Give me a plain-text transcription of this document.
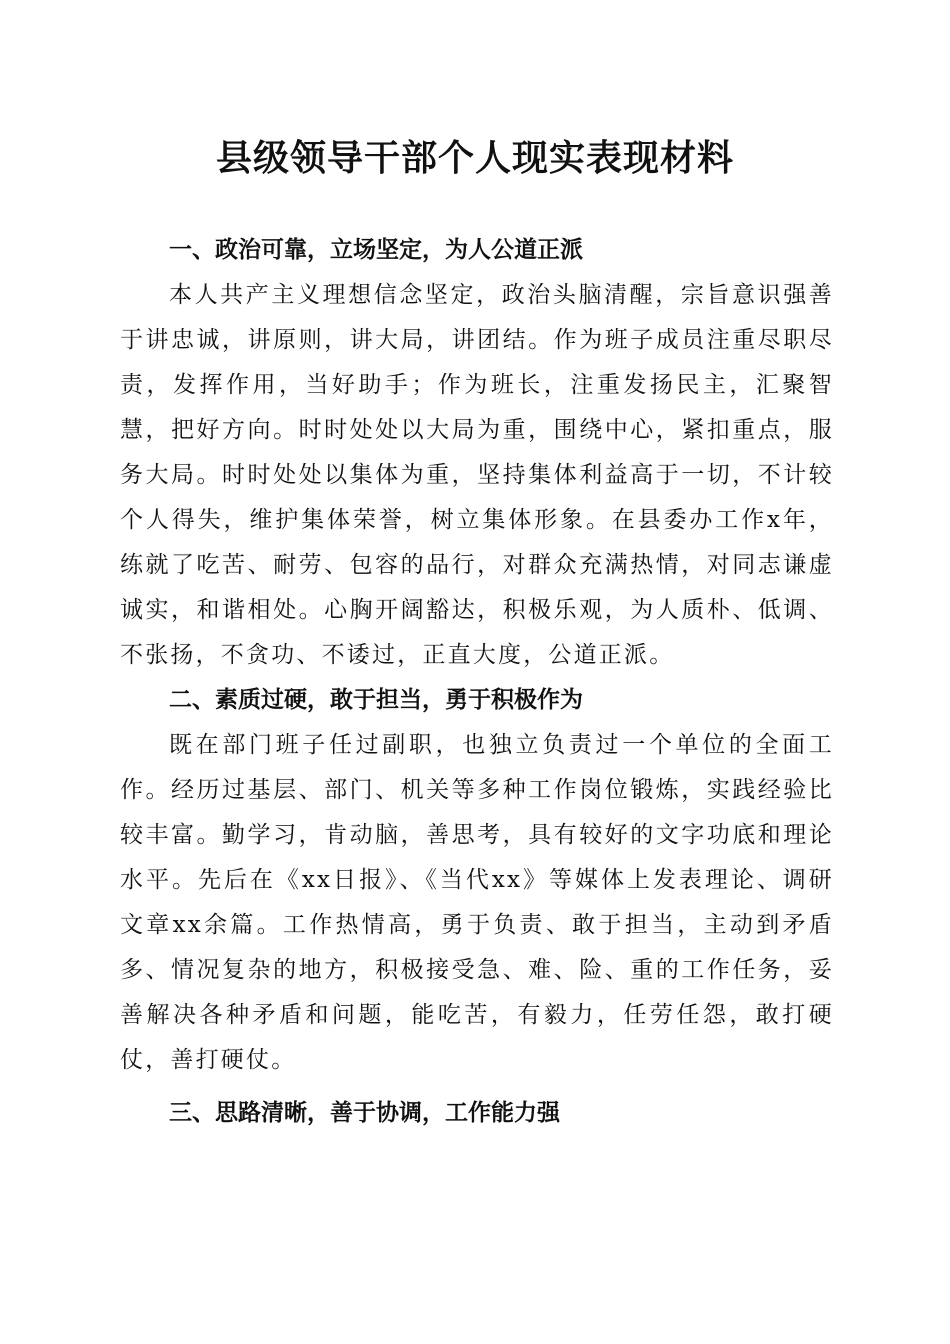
县级领导干部个人现实表现材料

一、政治可靠，立场坚定，为人公道正派

本人共产主义理想信念坚定，政治头脑清醒，宗旨意识强善于讲忠诚，讲原则，讲大局，讲团结。作为班子成员注重尽职尽责，发挥作用，当好助手；作为班长，注重发扬民主，汇聚智慧，把好方向。时时处处以大局为重，围绕中心，紧扣重点，服务大局。时时处处以集体为重，坚持集体利益高于一切，不计较个人得失，维护集体荣誉，树立集体形象。在县委办工作x年，练就了吃苦、耐劳、包容的品行，对群众充满热情，对同志谦虚诚实，和谐相处。心胸开阔豁达，积极乐观，为人质朴、低调、不张扬，不贪功、不诿过，正直大度，公道正派。

二、素质过硬，敢于担当，勇于积极作为

既在部门班子任过副职，也独立负责过一个单位的全面工作。经历过基层、部门、机关等多种工作岗位锻炼，实践经验比较丰富。勤学习，肯动脑，善思考，具有较好的文字功底和理论水平。先后在《xx日报》、《当代xx》等媒体上发表理论、调研文章xx余篇。工作热情高，勇于负责、敢于担当，主动到矛盾多、情况复杂的地方，积极接受急、难、险、重的工作任务，妥善解决各种矛盾和问题，能吃苦，有毅力，任劳任怨，敢打硬仗，善打硬仗。

三、思路清晰，善于协调，工作能力强
